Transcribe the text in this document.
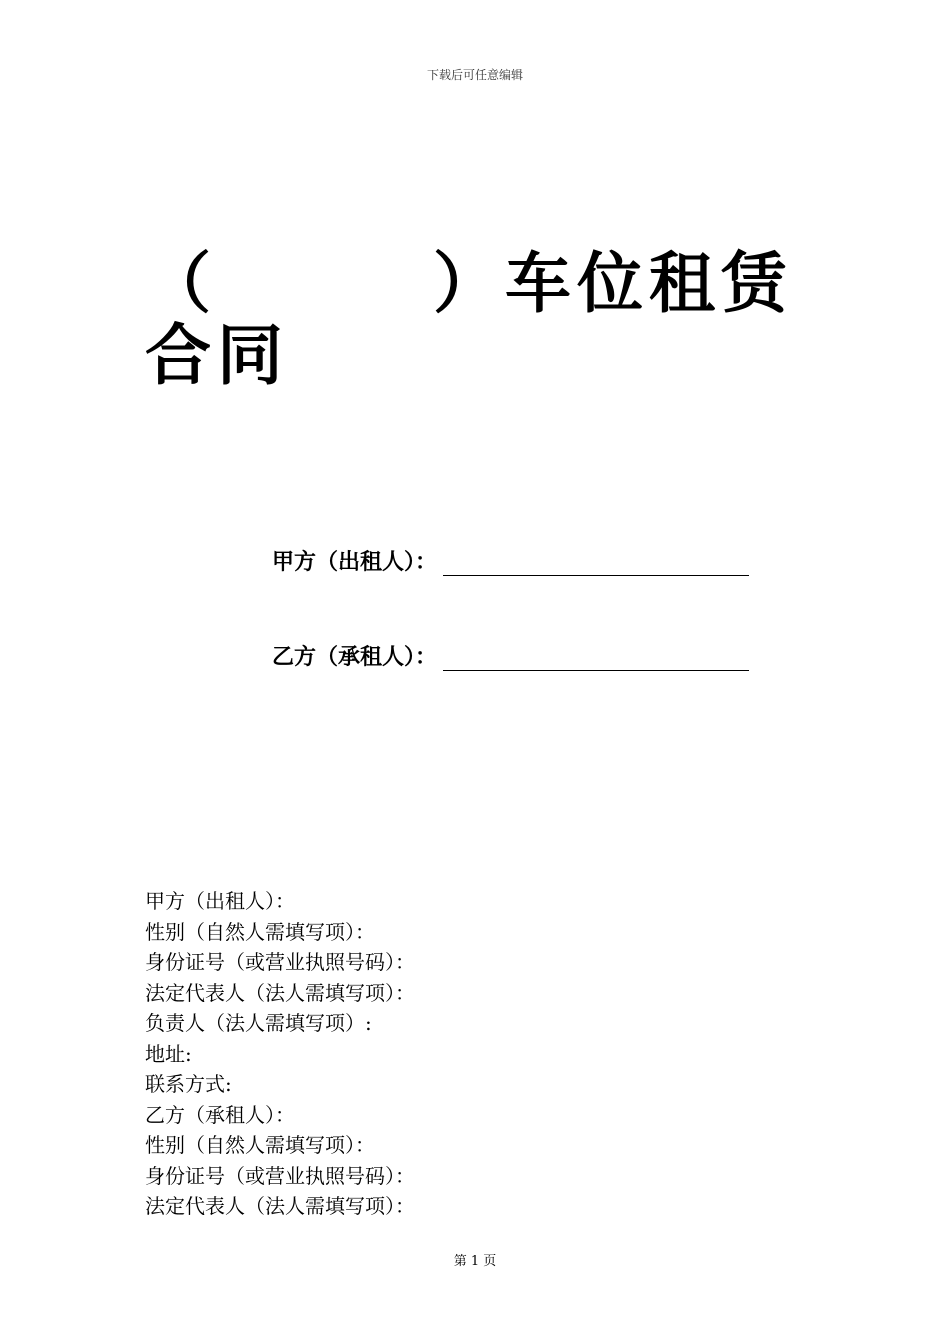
下载后可任意编辑
（　　　）车位租赁合同
甲方（出租人）：
乙方（承租人）：
甲方（出租人）：
性别（自然人需填写项）：
身份证号（或营业执照号码）：
法定代表人（法人需填写项）：
负责人（法人需填写项）:
地址:
联系方式:
乙方（承租人）：
性别（自然人需填写项）：
身份证号（或营业执照号码）：
法定代表人（法人需填写项）：
第 1 页
